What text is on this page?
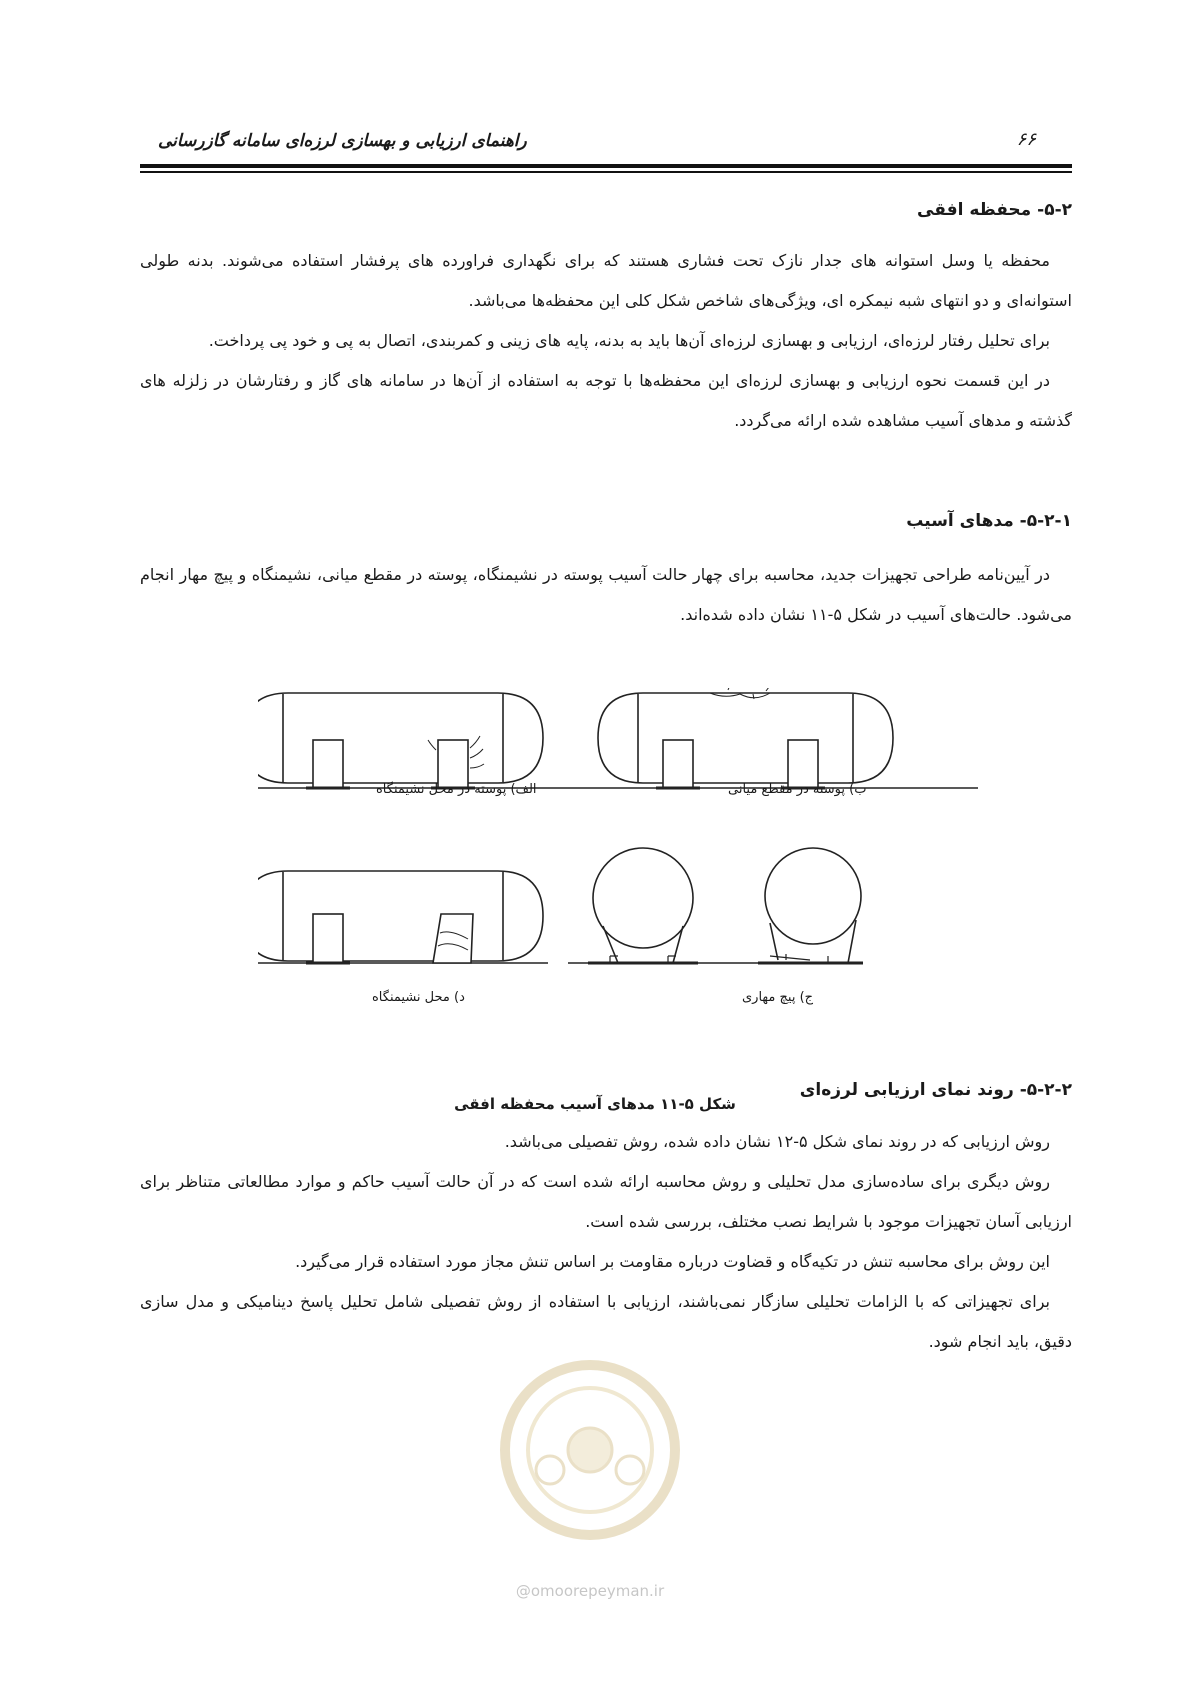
راهنمای ارزیابی و بهسازی لرزه‌ای سامانه گازرسانی	۶۶
۵-۲- محفظه افقی

محفظه یا وسل استوانه های جدار نازک تحت فشاری هستند که برای نگهداری فراورده های پرفشار استفاده می‌شوند. بدنه طولی استوانه‌ای و دو انتهای شبه نیمکره ای، ویژگی‌های شاخص شکل کلی این محفظه‌ها می‌باشد.

برای تحلیل رفتار لرزه‌ای، ارزیابی و بهسازی لرزه‌ای آن‌ها باید به بدنه، پایه های زینی و کمربندی، اتصال به پی و خود پی پرداخت.

در این قسمت نحوه ارزیابی و بهسازی لرزه‌ای این محفظه‌ها با توجه به استفاده از آن‌ها در سامانه های گاز و رفتارشان در زلزله های گذشته و مدهای آسیب مشاهده شده ارائه می‌گردد.

۵-۲-۱- مدهای آسیب

در آیین‌نامه طراحی تجهیزات جدید، محاسبه برای چهار حالت آسیب پوسته در نشیمنگاه، پوسته در مقطع میانی، نشیمنگاه و پیچ مهار انجام می‌شود. حالت‌های آسیب در شکل ۵-۱۱ نشان داده شده‌اند.

الف) پوسته در محل نشیمنگاه	ب) پوسته در مقطع میانی
د) محل نشیمنگاه	ج) پیچ مهاری
شکل ۵-۱۱ مدهای آسیب محفظه افقی
۵-۲-۲- روند نمای ارزیابی لرزه‌ای

روش ارزیابی که در روند نمای شکل ۵-۱۲ نشان داده شده، روش تفصیلی می‌باشد.

روش دیگری برای ساده‌سازی مدل تحلیلی و روش محاسبه ارائه شده است که در آن حالت آسیب حاکم و موارد مطالعاتی متناظر برای ارزیابی آسان تجهیزات موجود با شرایط نصب مختلف، بررسی شده است.

این روش برای محاسبه تنش در تکیه‌گاه و قضاوت درباره مقاومت بر اساس تنش مجاز مورد استفاده قرار می‌گیرد.

برای تجهیزاتی که با الزامات تحلیلی سازگار نمی‌باشند، ارزیابی با استفاده از روش تفصیلی شامل تحلیل پاسخ دینامیکی و مدل سازی دقیق، باید انجام شود.

@omoorepeyman.ir
